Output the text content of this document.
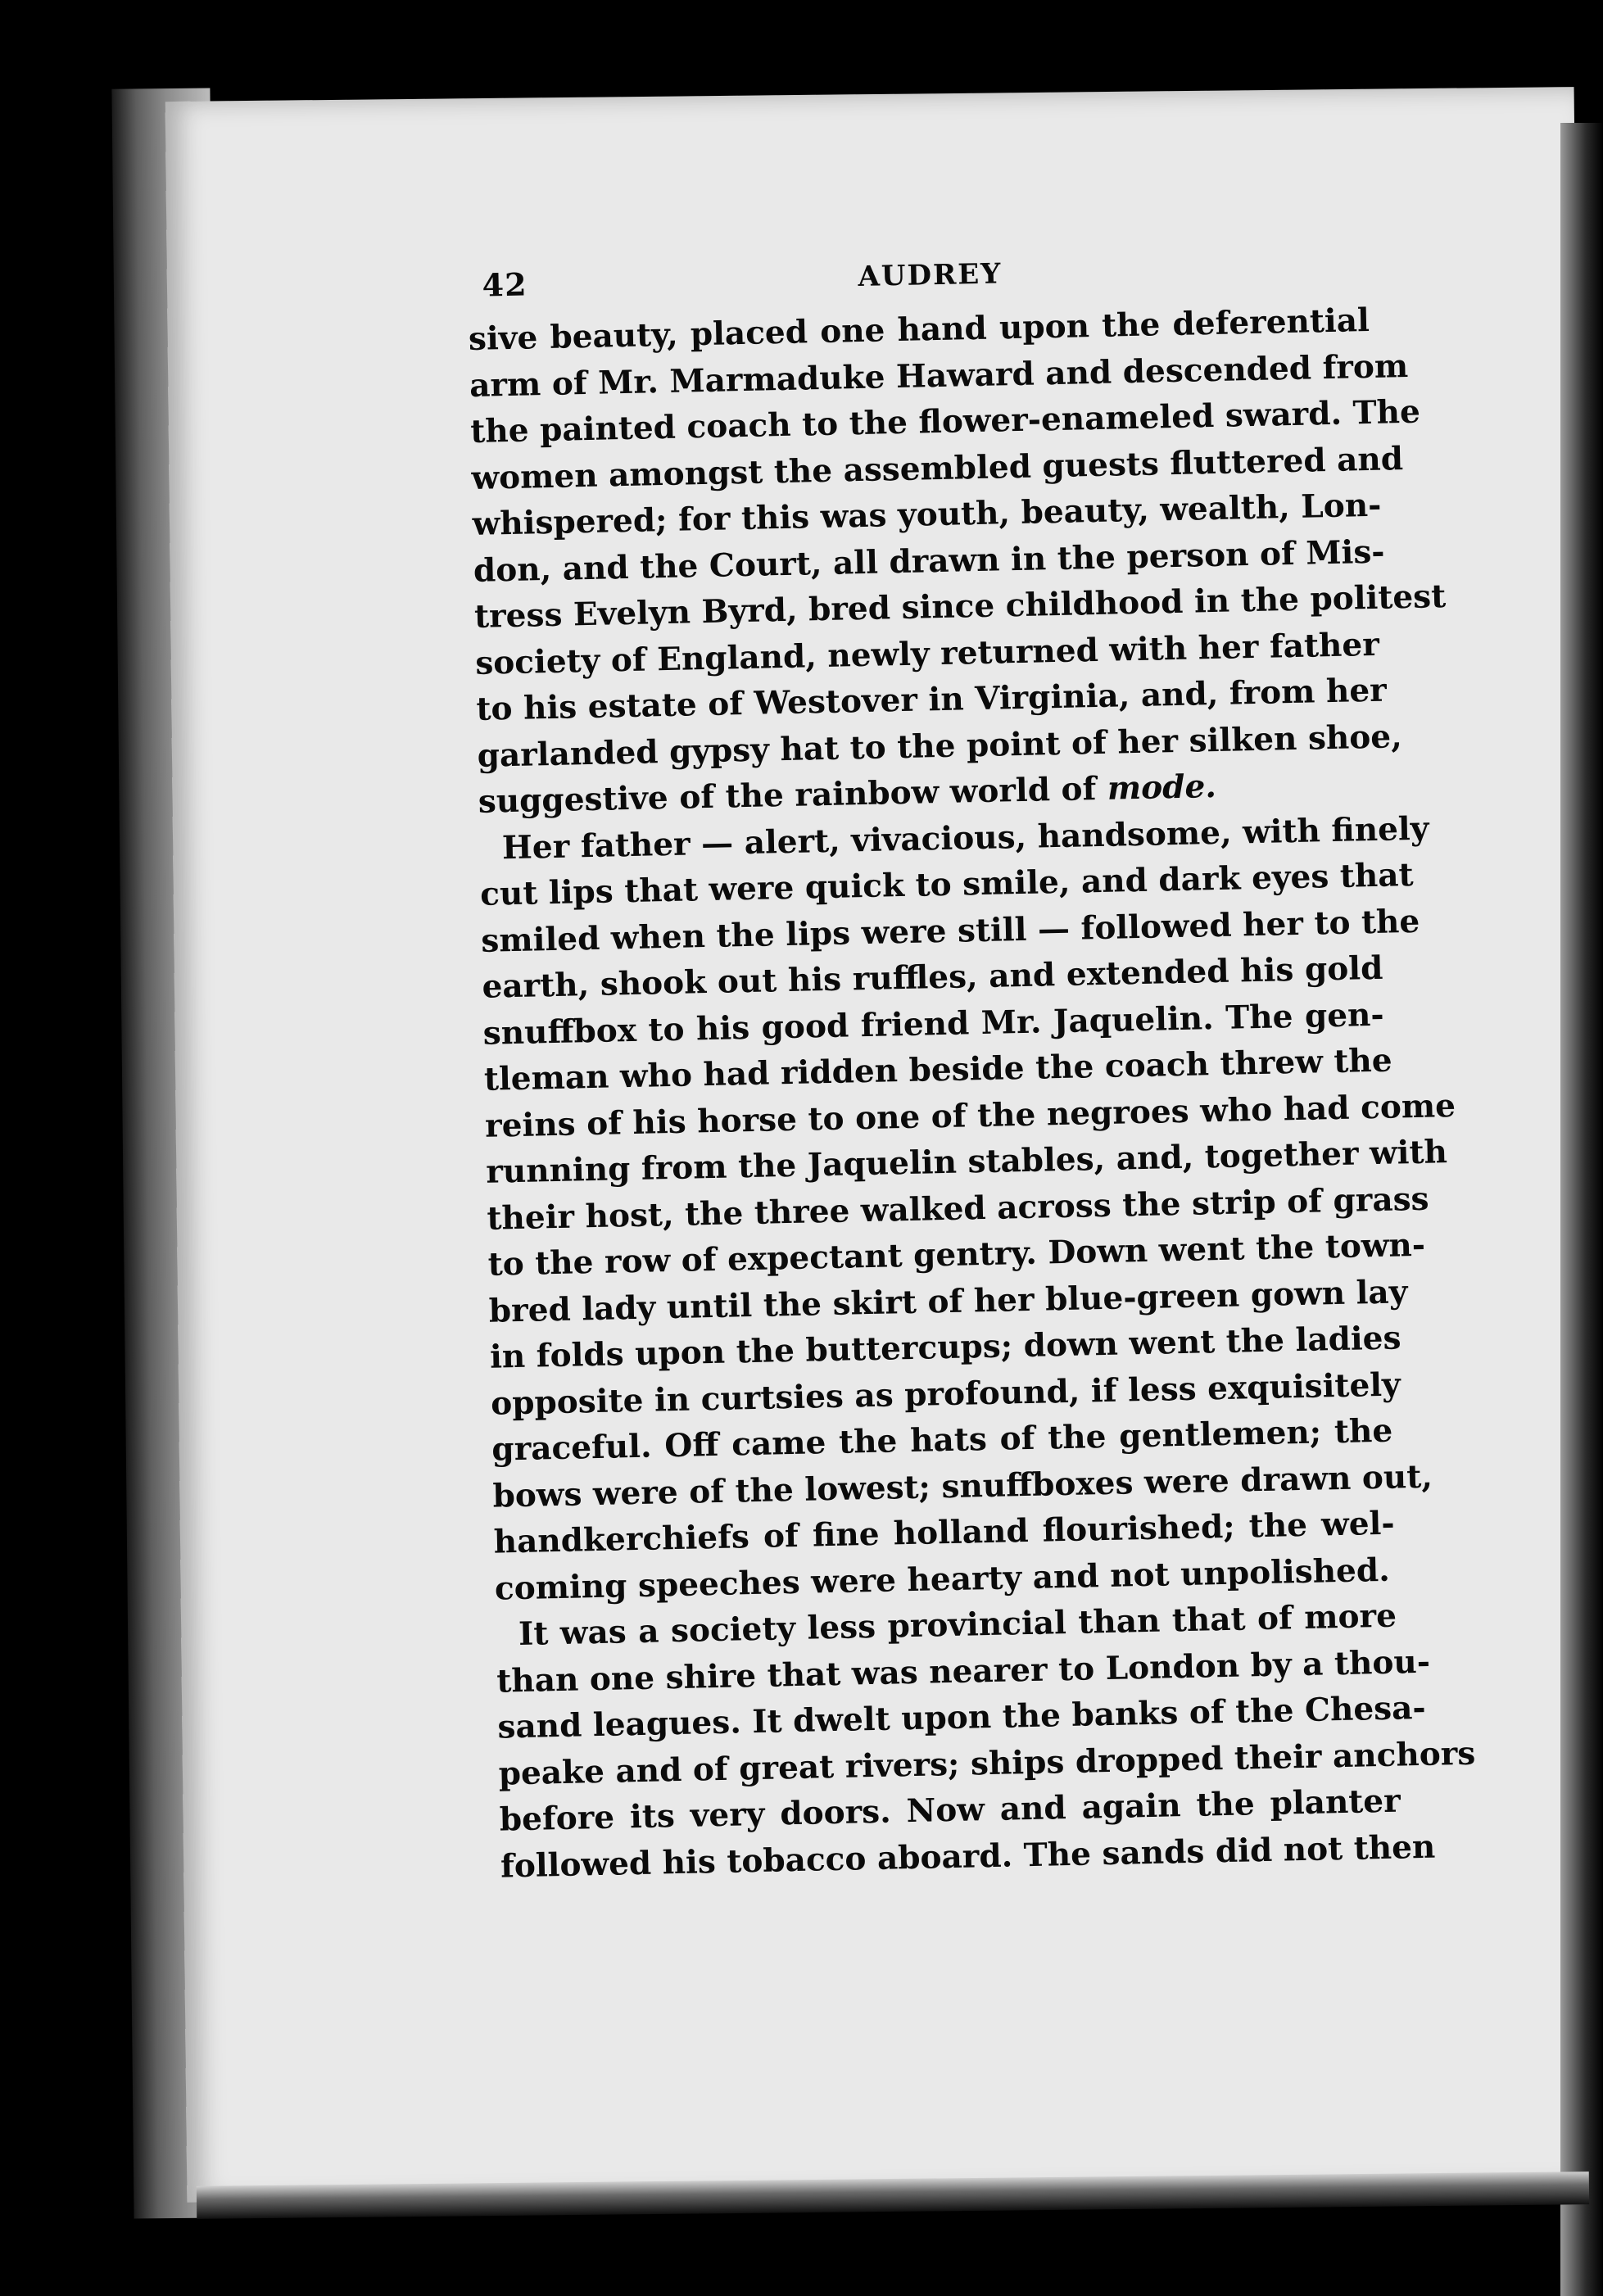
42	AUDREY
sive beauty, placed one hand upon the deferential
arm of Mr. Marmaduke Haward and descended from
the painted coach to the flower-enameled sward. The
women amongst the assembled guests fluttered and
whispered; for this was youth, beauty, wealth, Lon-
don, and the Court, all drawn in the person of Mis-
tress Evelyn Byrd, bred since childhood in the politest
society of England, newly returned with her father
to his estate of Westover in Virginia, and, from her
garlanded gypsy hat to the point of her silken shoe,
suggestive of the rainbow world of mode.
Her father — alert, vivacious, handsome, with finely
cut lips that were quick to smile, and dark eyes that
smiled when the lips were still — followed her to the
earth, shook out his ruffles, and extended his gold
snuffbox to his good friend Mr. Jaquelin. The gen-
tleman who had ridden beside the coach threw the
reins of his horse to one of the negroes who had come
running from the Jaquelin stables, and, together with
their host, the three walked across the strip of grass
to the row of expectant gentry. Down went the town-
bred lady until the skirt of her blue-green gown lay
in folds upon the buttercups; down went the ladies
opposite in curtsies as profound, if less exquisitely
graceful. Off came the hats of the gentlemen; the
bows were of the lowest; snuffboxes were drawn out,
handkerchiefs of fine holland flourished; the wel-
coming speeches were hearty and not unpolished.
It was a society less provincial than that of more
than one shire that was nearer to London by a thou-
sand leagues. It dwelt upon the banks of the Chesa-
peake and of great rivers; ships dropped their anchors
before its very doors. Now and again the planter
followed his tobacco aboard. The sands did not then
